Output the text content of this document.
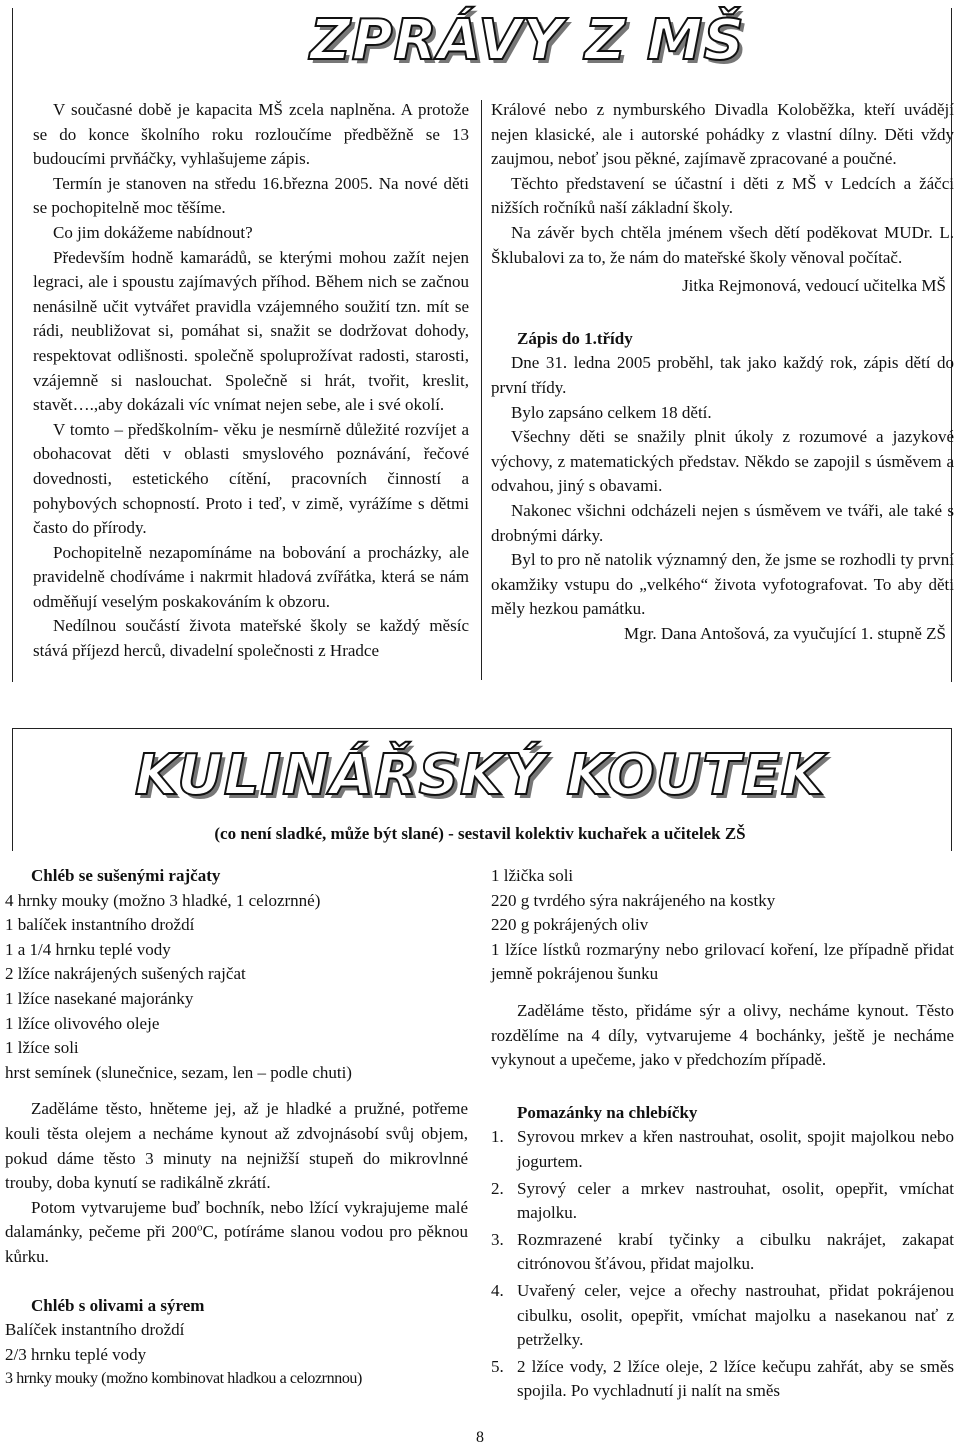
ZPRÁVY Z MŠ

V současné době je kapacita MŠ zcela naplněna. A protože se do konce školního roku rozloučíme předběžně se 13 budoucími prvňáčky, vyhlašujeme zápis.

Termín je stanoven na středu 16.března 2005. Na nové děti se pochopitelně moc těšíme.

Co jim dokážeme nabídnout?

Především hodně kamarádů, se kterými mohou zažít nejen legraci, ale i spoustu zajímavých příhod. Během nich se začnou nenásilně učit vytvářet pravidla vzájemného soužití tzn. mít se rádi, neubližovat si, pomáhat si, snažit se dodržovat dohody, respektovat odlišnosti. společně spoluprožívat radosti, starosti, vzájemně si naslouchat. Společně si hrát, tvořit, kreslit, stavět….,aby dokázali víc vnímat nejen sebe, ale i své okolí.

V tomto – předškolním- věku je nesmírně důležité rozvíjet a obohacovat děti v oblasti smyslového poznávání, řečové dovednosti, estetického cítění, pracovních činností a pohybových schopností. Proto i teď, v zimě, vyrážíme s dětmi často do přírody.

Pochopitelně nezapomínáme na bobování a procházky, ale pravidelně chodíváme i nakrmit hladová zvířátka, která se nám odměňují veselým poskakováním k obzoru.

Nedílnou součástí života mateřské školy se každý měsíc stává příjezd herců, divadelní společnosti z Hradce

Králové nebo z nymburského Divadla Koloběžka, kteří uvádějí nejen klasické, ale i autorské pohádky z vlastní dílny. Děti vždy zaujmou, neboť jsou pěkné, zajímavě zpracované a poučné.

Těchto představení se účastní i děti z MŠ v Ledcích a žáčci nižších ročníků naší základní školy.

Na závěr bych chtěla jménem všech dětí poděkovat MUDr. L. Šklubalovi za to, že nám do mateřské školy věnoval počítač.

Jitka Rejmonová, vedoucí učitelka MŠ

Zápis do 1.třídy

Dne 31. ledna 2005 proběhl, tak jako každý rok, zápis dětí do první třídy.

Bylo zapsáno celkem 18 dětí.

Všechny děti se snažily plnit úkoly z rozumové a jazykové výchovy, z matematických představ. Někdo se zapojil s úsměvem a odvahou, jiný s obavami.

Nakonec všichni odcházeli nejen s úsměvem ve tváři, ale také s drobnými dárky.

Byl to pro ně natolik významný den, že jsme se rozhodli ty první okamžiky vstupu do „velkého“ života vyfotografovat. To aby děti měly hezkou památku.

Mgr. Dana Antošová, za vyučující 1. stupně ZŠ

KULINÁŘSKÝ KOUTEK
(co není sladké, může být slané) - sestavil kolektiv kuchařek a učitelek ZŠ
Chléb se sušenými rajčaty

4 hrnky mouky (možno 3 hladké, 1 celozrnné)

1 balíček instantního droždí

1 a 1/4 hrnku teplé vody

2 lžíce nakrájených sušených rajčat

1 lžíce nasekané majoránky

1 lžíce olivového oleje

1 lžíce soli

hrst semínek (slunečnice, sezam, len – podle chuti)

Zaděláme těsto, hněteme jej, až je hladké a pružné, potřeme kouli těsta olejem a necháme kynout až zdvojnásobí svůj objem, pokud dáme těsto 3 minuty na nejnižší stupeň do mikrovlnné trouby, doba kynutí se radikálně zkrátí.

Potom vytvarujeme buď bochník, nebo lžící vykrajujeme malé dalamánky, pečeme při 200$^o$C, potíráme slanou vodou pro pěknou kůrku.

Chléb s olivami a sýrem

Balíček instantního droždí

2/3 hrnku teplé vody

3 hrnky mouky (možno kombinovat hladkou a celozrnnou)

1 lžička soli

220 g tvrdého sýra nakrájeného na kostky

220 g pokrájených oliv

1 lžíce lístků rozmarýny nebo grilovací koření, lze případně přidat jemně pokrájenou šunku

Zaděláme těsto, přidáme sýr a olivy, necháme kynout. Těsto rozdělíme na 4 díly, vytvarujeme 4 bochánky, ještě je necháme vykynout a upečeme, jako v předchozím případě.

Pomazánky na chlebíčky
1. Syrovou mrkev a křen nastrouhat, osolit, spojit majolkou nebo jogurtem.
2. Syrový celer a mrkev nastrouhat, osolit, opepřit, vmíchat majolku.
3. Rozmrazené krabí tyčinky a cibulku nakrájet, zakapat citrónovou šťávou, přidat majolku.
4. Uvařený celer, vejce a ořechy nastrouhat, přidat pokrájenou cibulku, osolit, opepřit, vmíchat majolku a nasekanou nať z petrželky.
5. 2 lžíce vody, 2 lžíce oleje, 2 lžíce kečupu zahřát, aby se směs spojila. Po vychladnutí ji nalít na směs
8
